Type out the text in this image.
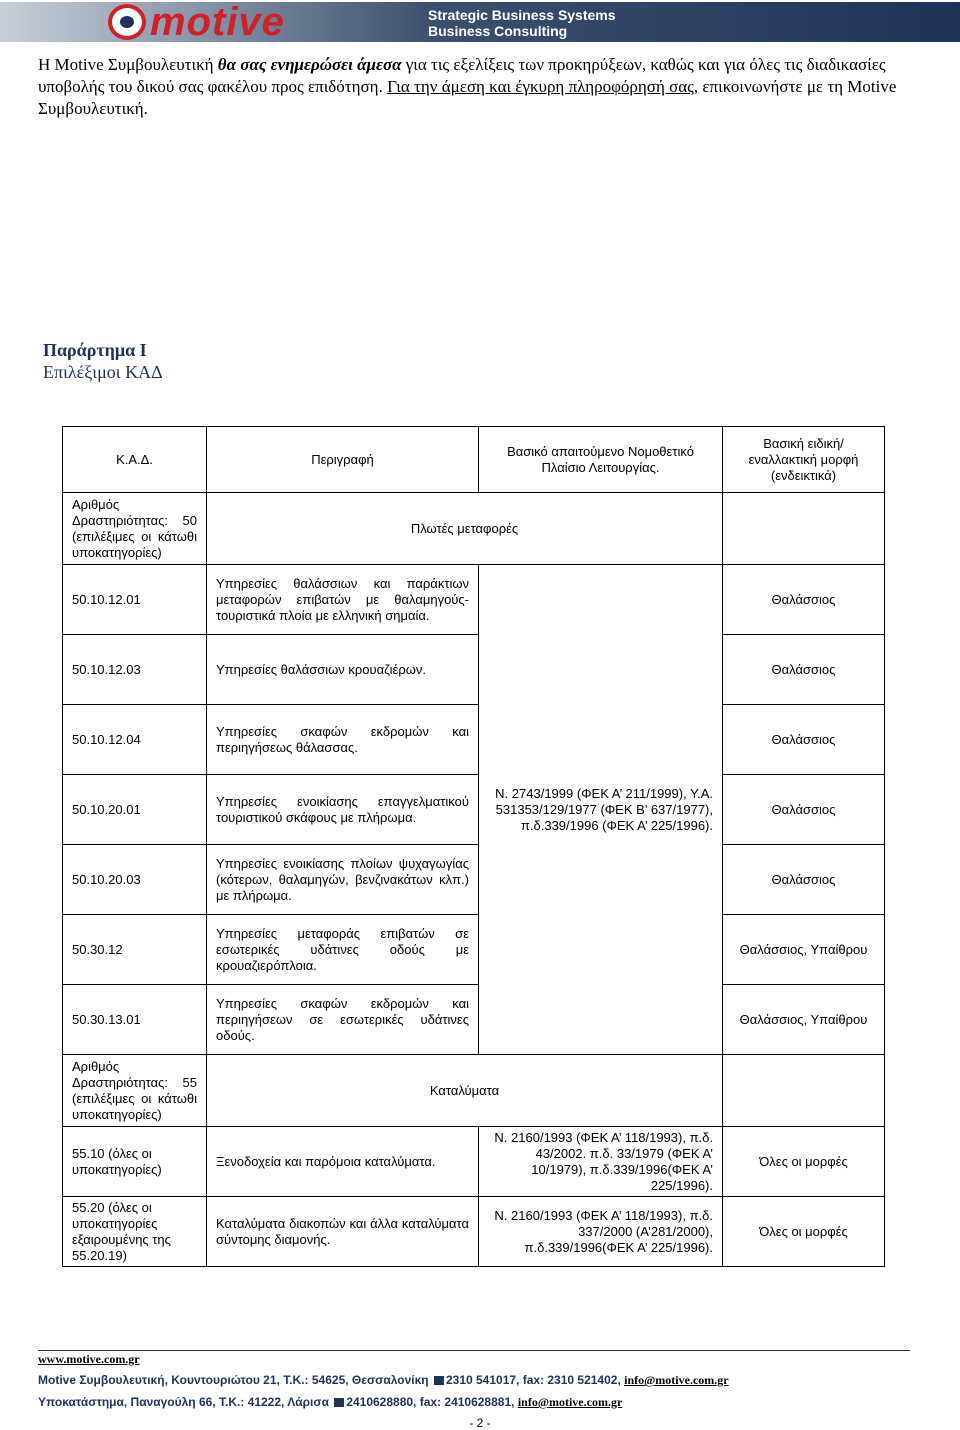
motive	Strategic Business Systems
Business Consulting
Η Motive Συμβουλευτική θα σας ενημερώσει άμεσα για τις εξελίξεις των προκηρύξεων, καθώς και για όλες τις διαδικασίες υποβολής του δικού σας φακέλου προς επιδότηση. Για την άμεση και έγκυρη πληροφόρησή σας, επικοινωνήστε με τη Motive Συμβουλευτική.
Παράρτημα Ι
Επιλέξιμοι ΚΑΔ
Κ.Α.Δ.	Περιγραφή	Βασικό απαιτούμενο Νομοθετικό Πλαίσιο Λειτουργίας.	Βασική ειδική/εναλλακτική μορφή (ενδεικτικά)
Αριθμός Δραστηριότητας: 50 (επιλέξιμες οι κάτωθι υποκατηγορίες)	Πλωτές μεταφορές		
50.10.12.01	Υπηρεσίες θαλάσσιων και παράκτιων μεταφορών επιβατών με θαλαμηγούς-τουριστικά πλοία με ελληνική σημαία.	Ν. 2743/1999 (ΦΕΚ Α’ 211/1999), Υ.Α. 531353/129/1977 (ΦΕΚ Β’ 637/1977), π.δ.339/1996 (ΦΕΚ Α’ 225/1996).	Θαλάσσιος
50.10.12.03	Υπηρεσίες θαλάσσιων κρουαζιέρων.		Θαλάσσιος
50.10.12.04	Υπηρεσίες σκαφών εκδρομών και περιηγήσεως θάλασσας.		Θαλάσσιος
50.10.20.01	Υπηρεσίες ενοικίασης επαγγελματικού τουριστικού σκάφους με πλήρωμα.		Θαλάσσιος
50.10.20.03	Υπηρεσίες ενοικίασης πλοίων ψυχαγωγίας (κότερων, θαλαμηγών, βενζινακάτων κλπ.) με πλήρωμα.		Θαλάσσιος
50.30.12	Υπηρεσίες μεταφοράς επιβατών σε εσωτερικές υδάτινες οδούς με κρουαζιερόπλοια.		Θαλάσσιος, Υπαίθρου
50.30.13.01	Υπηρεσίες σκαφών εκδρομών και περιηγήσεων σε εσωτερικές υδάτινες οδούς.		Θαλάσσιος, Υπαίθρου
Αριθμός Δραστηριότητας: 55 (επιλέξιμες οι κάτωθι υποκατηγορίες)	Καταλύματα		
55.10 (όλες οι υποκατηγορίες)	Ξενοδοχεία και παρόμοια καταλύματα.	Ν. 2160/1993 (ΦΕΚ Α’ 118/1993), π.δ. 43/2002. π.δ. 33/1979 (ΦΕΚ Α’ 10/1979), π.δ.339/1996(ΦΕΚ Α’ 225/1996).	Όλες οι μορφές
55.20 (όλες οι υποκατηγορίες εξαιρουμένης της 55.20.19)	Καταλύματα διακοπών και άλλα καταλύματα σύντομης διαμονής.	Ν. 2160/1993 (ΦΕΚ Α’ 118/1993), π.δ. 337/2000 (Α’281/2000), π.δ.339/1996(ΦΕΚ Α’ 225/1996).	Όλες οι μορφές
www.motive.com.gr
Motive Συμβουλευτική, Κουντουριώτου 21, Τ.Κ.: 54625, Θεσσαλονίκη 2310 541017, fax: 2310 521402, info@motive.com.gr
Υποκατάστημα, Παναγούλη 66, Τ.Κ.: 41222, Λάρισα 2410628880, fax: 2410628881, info@motive.com.gr
- 2 -
